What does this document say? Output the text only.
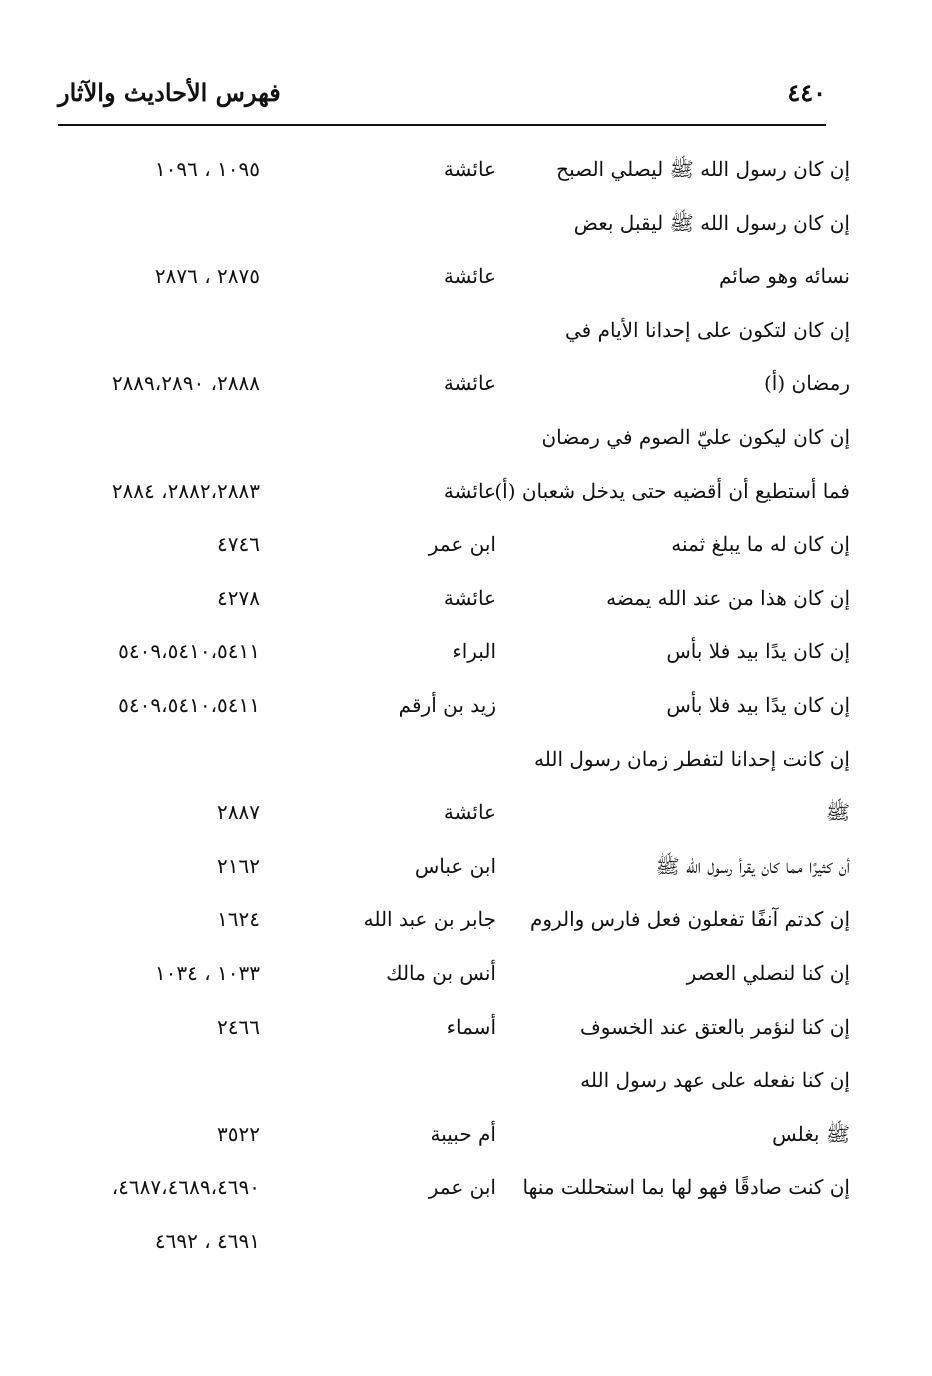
فهرس الأحاديث والآثار	٤٤٠
إن كان رسول الله ﷺ ليصلي الصبح
عائشة
١٠٩٥ ، ١٠٩٦
إن كان رسول الله ﷺ ليقبل بعض
نسائه وهو صائم
عائشة
٢٨٧٥ ، ٢٨٧٦
إن كان لتكون على إحدانا الأيام في
رمضان (أ)
عائشة
٢٨٨٨، ٢٨٨٩،٢٨٩٠
إن كان ليكون عليّ الصوم في رمضان
فما أستطيع أن أقضيه حتى يدخل شعبان (أ)
عائشة
٢٨٨٢،٢٨٨٣، ٢٨٨٤
إن كان له ما يبلغ ثمنه
ابن عمر
٤٧٤٦
إن كان هذا من عند الله يمضه
عائشة
٤٢٧٨
إن كان يدًا بيد فلا بأس
البراء
٥٤٠٩،٥٤١٠،٥٤١١
إن كان يدًا بيد فلا بأس
زيد بن أرقم
٥٤٠٩،٥٤١٠،٥٤١١
إن كانت إحدانا لتفطر زمان رسول الله
ﷺ
عائشة
٢٨٨٧
أن كثيرًا مما كان يقرأ رسول الله ﷺ
ابن عباس
٢١٦٢
إن كدتم آنفًا تفعلون فعل فارس والروم
جابر بن عبد الله
١٦٢٤
إن كنا لنصلي العصر
أنس بن مالك
١٠٣٣ ، ١٠٣٤
إن كنا لنؤمر بالعتق عند الخسوف
أسماء
٢٤٦٦
إن كنا نفعله على عهد رسول الله
ﷺ بغلس
أم حبيبة
٣٥٢٢
إن كنت صادقًا فهو لها بما استحللت منها
ابن عمر
٤٦٨٧،٤٦٨٩،٤٦٩٠،
٤٦٩١ ، ٤٦٩٢
